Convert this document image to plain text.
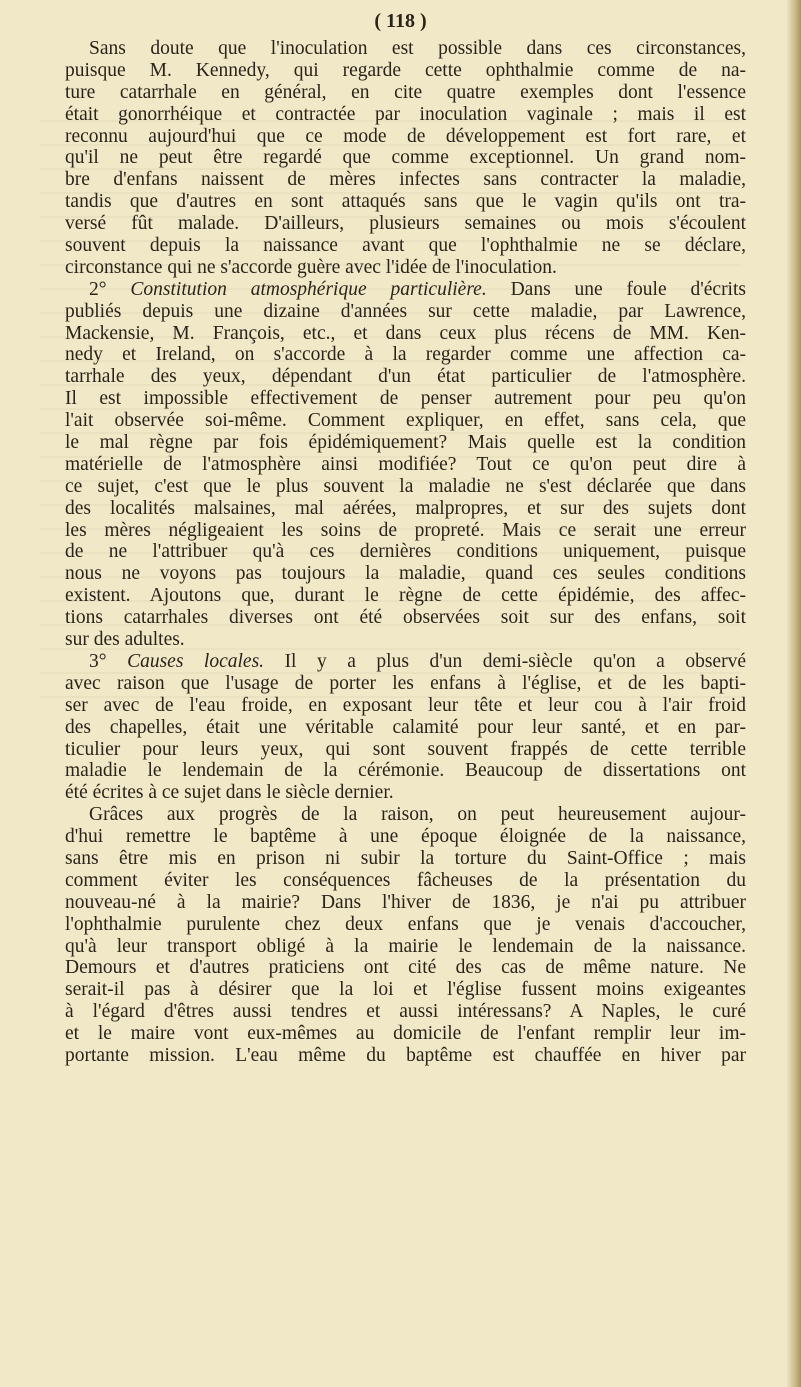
( 118 )
Sans doute que l'inoculation est possible dans ces circonstances,
puisque M. Kennedy, qui regarde cette ophthalmie comme de na-
ture catarrhale en général, en cite quatre exemples dont l'essence
était gonorrhéique et contractée par inoculation vaginale ; mais il est
reconnu aujourd'hui que ce mode de développement est fort rare, et
qu'il ne peut être regardé que comme exceptionnel. Un grand nom-
bre d'enfans naissent de mères infectes sans contracter la maladie,
tandis que d'autres en sont attaqués sans que le vagin qu'ils ont tra-
versé fût malade. D'ailleurs, plusieurs semaines ou mois s'écoulent
souvent depuis la naissance avant que l'ophthalmie ne se déclare,
circonstance qui ne s'accorde guère avec l'idée de l'inoculation.
2° Constitution atmosphérique particulière. Dans une foule d'écrits
publiés depuis une dizaine d'années sur cette maladie, par Lawrence,
Mackensie, M. François, etc., et dans ceux plus récens de MM. Ken-
nedy et Ireland, on s'accorde à la regarder comme une affection ca-
tarrhale des yeux, dépendant d'un état particulier de l'atmosphère.
Il est impossible effectivement de penser autrement pour peu qu'on
l'ait observée soi-même. Comment expliquer, en effet, sans cela, que
le mal règne par fois épidémiquement? Mais quelle est la condition
matérielle de l'atmosphère ainsi modifiée? Tout ce qu'on peut dire à
ce sujet, c'est que le plus souvent la maladie ne s'est déclarée que dans
des localités malsaines, mal aérées, malpropres, et sur des sujets dont
les mères négligeaient les soins de propreté. Mais ce serait une erreur
de ne l'attribuer qu'à ces dernières conditions uniquement, puisque
nous ne voyons pas toujours la maladie, quand ces seules conditions
existent. Ajoutons que, durant le règne de cette épidémie, des affec-
tions catarrhales diverses ont été observées soit sur des enfans, soit
sur des adultes.
3° Causes locales. Il y a plus d'un demi-siècle qu'on a observé
avec raison que l'usage de porter les enfans à l'église, et de les bapti-
ser avec de l'eau froide, en exposant leur tête et leur cou à l'air froid
des chapelles, était une véritable calamité pour leur santé, et en par-
ticulier pour leurs yeux, qui sont souvent frappés de cette terrible
maladie le lendemain de la cérémonie. Beaucoup de dissertations ont
été écrites à ce sujet dans le siècle dernier.
Grâces aux progrès de la raison, on peut heureusement aujour-
d'hui remettre le baptême à une époque éloignée de la naissance,
sans être mis en prison ni subir la torture du Saint-Office ; mais
comment éviter les conséquences fâcheuses de la présentation du
nouveau-né à la mairie? Dans l'hiver de 1836, je n'ai pu attribuer
l'ophthalmie purulente chez deux enfans que je venais d'accoucher,
qu'à leur transport obligé à la mairie le lendemain de la naissance.
Demours et d'autres praticiens ont cité des cas de même nature. Ne
serait-il pas à désirer que la loi et l'église fussent moins exigeantes
à l'égard d'êtres aussi tendres et aussi intéressans? A Naples, le curé
et le maire vont eux-mêmes au domicile de l'enfant remplir leur im-
portante mission. L'eau même du baptême est chauffée en hiver par
